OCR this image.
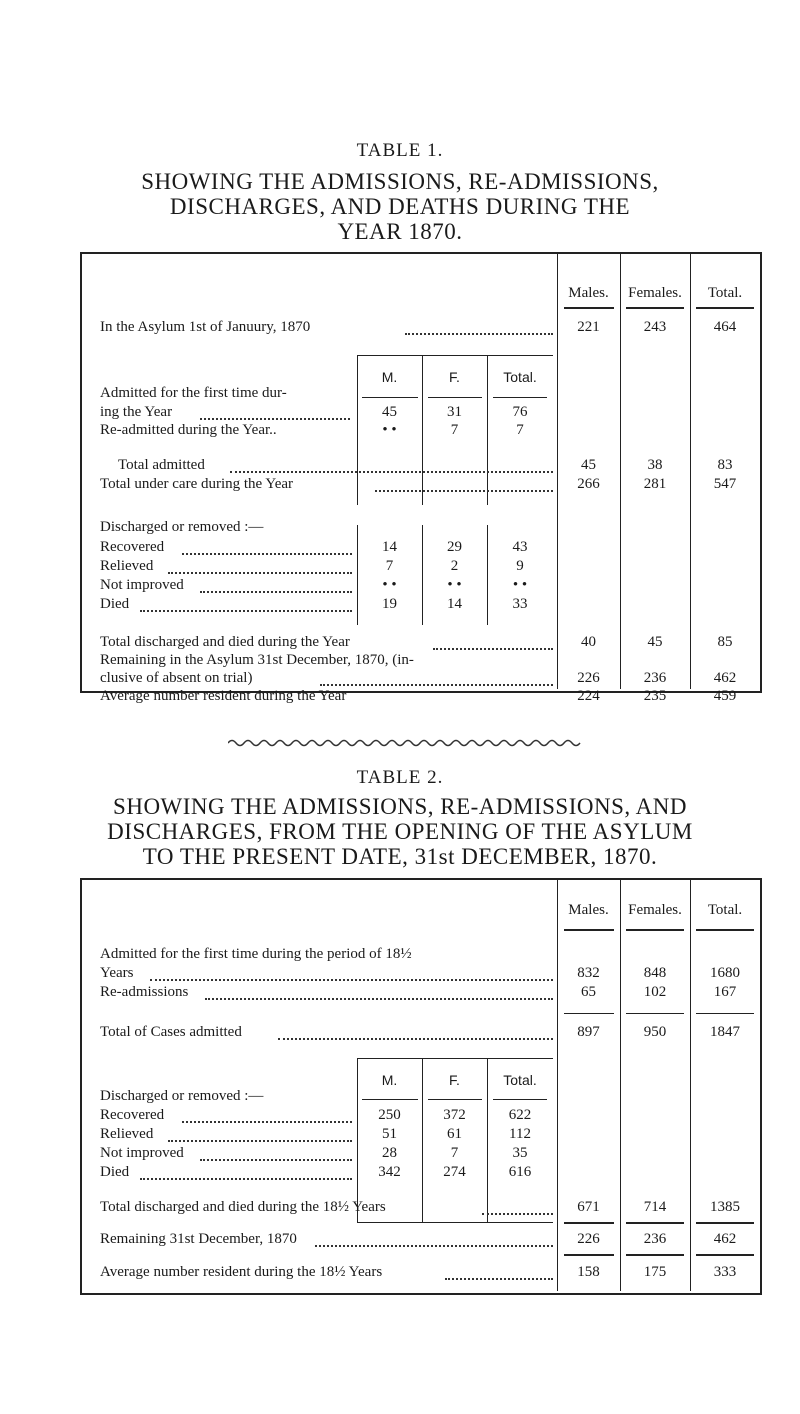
TABLE 1.
SHOWING THE ADMISSIONS, RE-ADMISSIONS,
DISCHARGES, AND DEATHS DURING THE
YEAR 1870.
Males.	Females.	Total.
In the Asylum 1st of Januury, 1870	221	243	464
M.	F.	Total.
Admitted for the first time dur-
ing the Year	45	31	76
Re-admitted during the Year..	• •	7	7
Total admitted	45	38	83
Total under care during the Year	266	281	547
Discharged or removed :—
Recovered	14	29	43
Relieved	7	2	9
Not improved	• •	• •	• •
Died	19	14	33
Total discharged and died during the Year	40	45	85
Remaining in the Asylum 31st December, 1870, (in-
clusive of absent on trial)	226	236	462
Average number resident during the Year	224	235	459
TABLE 2.
SHOWING THE ADMISSIONS, RE-ADMISSIONS, AND
DISCHARGES, FROM THE OPENING OF THE ASYLUM
TO THE PRESENT DATE, 31st DECEMBER, 1870.
Males.	Females.	Total.
Admitted for the first time during the period of 18½
Years	832	848	1680
Re-admissions	65	102	167
Total of Cases admitted	897	950	1847
M.	F.	Total.
Discharged or removed :—
Recovered	250	372	622
Relieved	51	61	112
Not improved	28	7	35
Died	342	274	616
Total discharged and died during the 18½ Years	671	714	1385
Remaining 31st December, 1870	226	236	462
Average number resident during the 18½ Years	158	175	333
